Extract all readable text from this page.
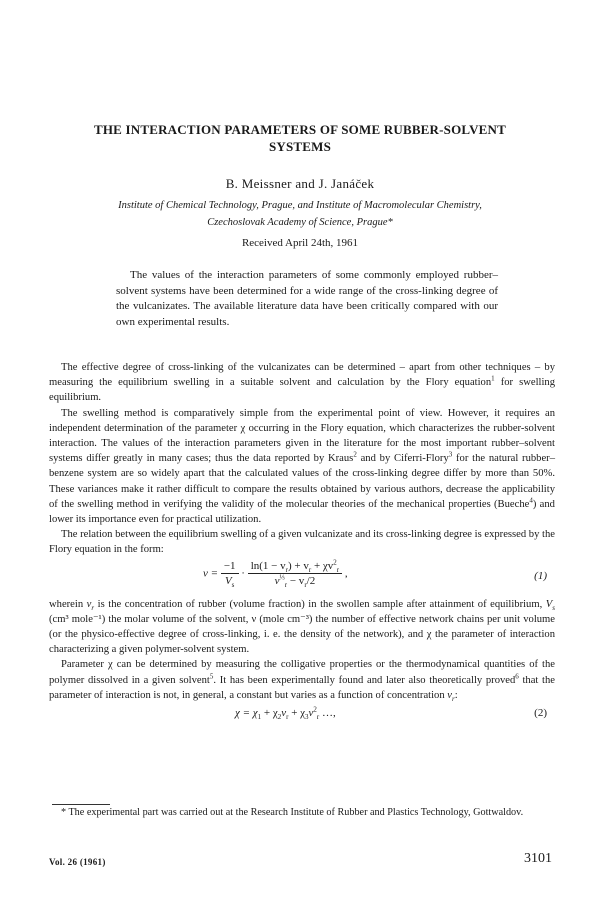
THE INTERACTION PARAMETERS OF SOME RUBBER-SOLVENT
SYSTEMS
B. Meissner and J. Janáček
Institute of Chemical Technology, Prague, and Institute of Macromolecular Chemistry,
Czechoslovak Academy of Science, Prague*
Received April 24th, 1961
The values of the interaction parameters of some commonly employed rubber–solvent systems have been determined for a wide range of the cross-linking degree of the vulcanizates. The available literature data have been critically compared with our own experimental results.

The effective degree of cross-linking of the vulcanizates can be determined – apart from other techniques – by measuring the equilibrium swelling in a suitable solvent and calculation by the Flory equation$^1$ for swelling equilibrium.

The swelling method is comparatively simple from the experimental point of view. However, it requires an independent determination of the parameter χ occurring in the Flory equation, which characterizes the rubber-solvent interaction. The values of the interaction parameters given in the literature for the most important rubber–solvent systems differ greatly in many cases; thus the data reported by Kraus$^2$ and by Ciferri-Flory$^3$ for the natural rubber–benzene system are so widely apart that the calculated values of the cross-linking degree differ by more than 50%. These variances make it rather difficult to compare the results obtained by various authors, decrease the applicability of the swelling method in verifying the validity of the molecular theories of the mechanical properties (Bueche$^4$) and lower its importance even for practical utilization.

The relation between the equilibrium swelling of a given vulcanizate and its cross-linking degree is expressed by the Flory equation in the form:

$\nu = \frac{-1}{V_s} \cdot \frac{\ln(1 - v_r) + v_r + \chi v^2_r}{v^{\frac{1}{3}}_r - v_r/2}$ ,	(1)

wherein $v_r$ is the concentration of rubber (volume fraction) in the swollen sample after attainment of equilibrium, $V_s$ (cm³ mole⁻¹) the molar volume of the solvent, ν (mole cm⁻³) the number of effective network chains per unit volume (or the physico-effective degree of cross-linking, i. e. the density of the network), and χ the parameter of interaction characterizing a given polymer-solvent system.

Parameter χ can be determined by measuring the colligative properties or the thermodynamical quantities of the polymer dissolved in a given solvent$^5$. It has been experimentally found and later also theoretically proved$^6$ that the parameter of interaction is not, in general, a constant but varies as a function of concentration $v_r$:

$\chi = \chi_1 + \chi_2v_r + \chi_3v^2_r$ …,	(2)
* The experimental part was carried out at the Research Institute of Rubber and Plastics Technology, Gottwaldov.
Vol. 26 (1961)	3101
